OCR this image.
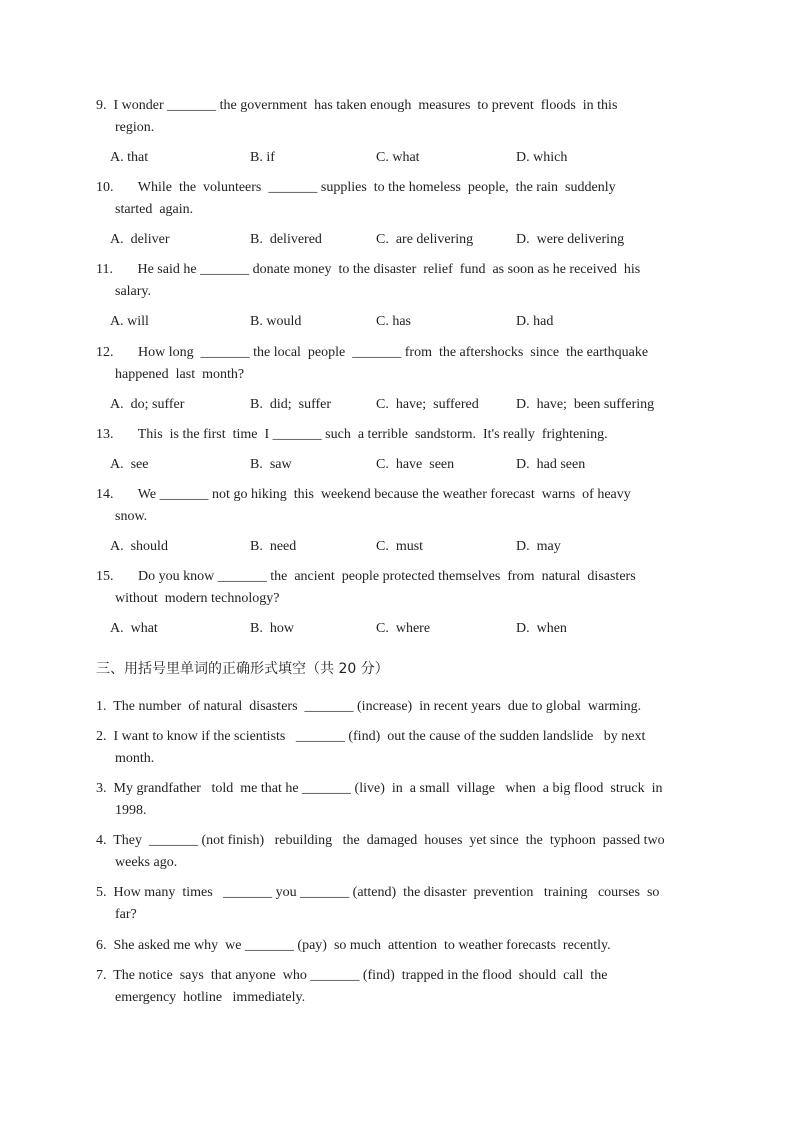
9.  I wonder _______ the government  has taken enough  measures  to prevent  floods  in this
region.
A. that	B. if	C. what	D. which
10.       While  the  volunteers  _______ supplies  to the homeless  people,  the rain  suddenly
started  again.
A.  deliver	B.  delivered	C.  are delivering	D.  were delivering
11.       He said he _______ donate money  to the disaster  relief  fund  as soon as he received  his
salary.
A. will	B. would	C. has	D. had
12.       How long  _______ the local  people  _______ from  the aftershocks  since  the earthquake
happened  last  month?
A.  do; suffer	B.  did;  suffer	C.  have;  suffered	D.  have;  been suffering
13.       This  is the first  time  I _______ such  a terrible  sandstorm.  It's really  frightening.
A.  see	B.  saw	C.  have  seen	D.  had seen
14.       We _______ not go hiking  this  weekend because the weather forecast  warns  of heavy
snow.
A.  should	B.  need	C.  must	D.  may
15.       Do you know _______ the  ancient  people protected themselves  from  natural  disasters
without  modern technology?
A.  what	B.  how	C.  where	D.  when
三、用括号里单词的正确形式填空（共 20 分）
1.  The number  of natural  disasters  _______ (increase)  in recent years  due to global  warming.
2.  I want to know if the scientists   _______ (find)  out the cause of the sudden landslide   by next
month.
3.  My grandfather   told  me that he _______ (live)  in  a small  village   when  a big flood  struck  in
1998.
4.  They  _______ (not finish)   rebuilding   the  damaged  houses  yet since  the  typhoon  passed two
weeks ago.
5.  How many  times   _______ you _______ (attend)  the disaster  prevention   training   courses  so
far?
6.  She asked me why  we _______ (pay)  so much  attention  to weather forecasts  recently.
7.  The notice  says  that anyone  who _______ (find)  trapped in the flood  should  call  the
emergency  hotline   immediately.
